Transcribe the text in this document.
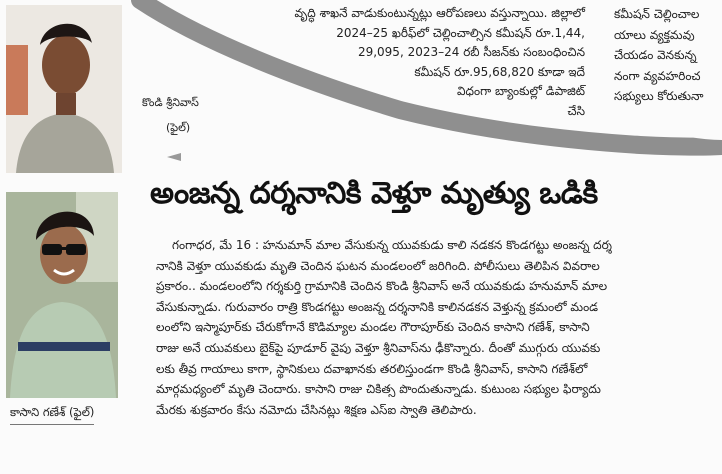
కొండి శ్రీనివాస్
(ఫైల్)
కాసాని గణేశ్ (ఫైల్)
వృద్ధి శాఖనే వాడుకుంటున్నట్లు ఆరోపణలు వస్తున్నాయి. జిల్లాలో
2024–25 ఖరీఫ్‌లో చెల్లించాల్సిన కమీషన్ రూ.1,44,
29,095, 2023–24 రబీ సీజన్‌కు సంబంధించిన
కమీషన్ రూ.95,68,820 కూడా ఇదే
విధంగా బ్యాంకుల్లో డిపాజిట్
చేసి
కమీషన్ చెల్లించాల
యాలు వ్యక్తమవు
చేయడం వెనకున్న
నంగా వ్యవహరించ
సభ్యులు కోరుతునా
అంజన్న దర్శనానికి వెళ్తూ మృత్యు ఒడికి
గంగాధర, మే 16 : హనుమాన్ మాల వేసుకున్న యువకుడు కాలి నడకన కొండగట్టు అంజన్న దర్శ
నానికి వెళ్తూ యువకుడు మృతి చెందిన ఘటన మండలంలో జరిగింది. పోలీసులు తెలిపిన వివరాల
ప్రకారం.. మండలంలోని గర్శకుర్తి గ్రామానికి చెందిన కొండి శ్రీనివాస్ అనే యువకుడు హనుమాన్ మాల
వేసుకున్నాడు. గురువారం రాత్రి కొండగట్టు అంజన్న దర్శనానికి కాలినడకన వెళ్తున్న క్రమంలో మండ
లంలోని ఇస్మాపూర్‌కు చేరుకోగానే కొడిమ్యాల మండల గౌరాపూర్‌కు చెందిన కాసాని గణేశ్, కాసాని
రాజు అనే యువకులు బైక్‌పై పూడూర్ వైపు వెళ్తూ శ్రీనివాస్‌ను ఢీకొన్నారు. దీంతో ముగ్గురు యువకు
లకు తీవ్ర గాయాలు కాగా, స్థానికులు దవాఖానకు తరలిస్తుండగా కొండి శ్రీనివాస్, కాసాని గణేశ్‌లో
మార్గమధ్యంలో మృతి చెందారు. కాసాని రాజు చికిత్స పొందుతున్నాడు. కుటుంబ సభ్యుల ఫిర్యాదు
మేరకు శుక్రవారం కేసు నమోదు చేసినట్లు శిక్షణ ఎస్ఐ స్వాతి తెలిపారు.
